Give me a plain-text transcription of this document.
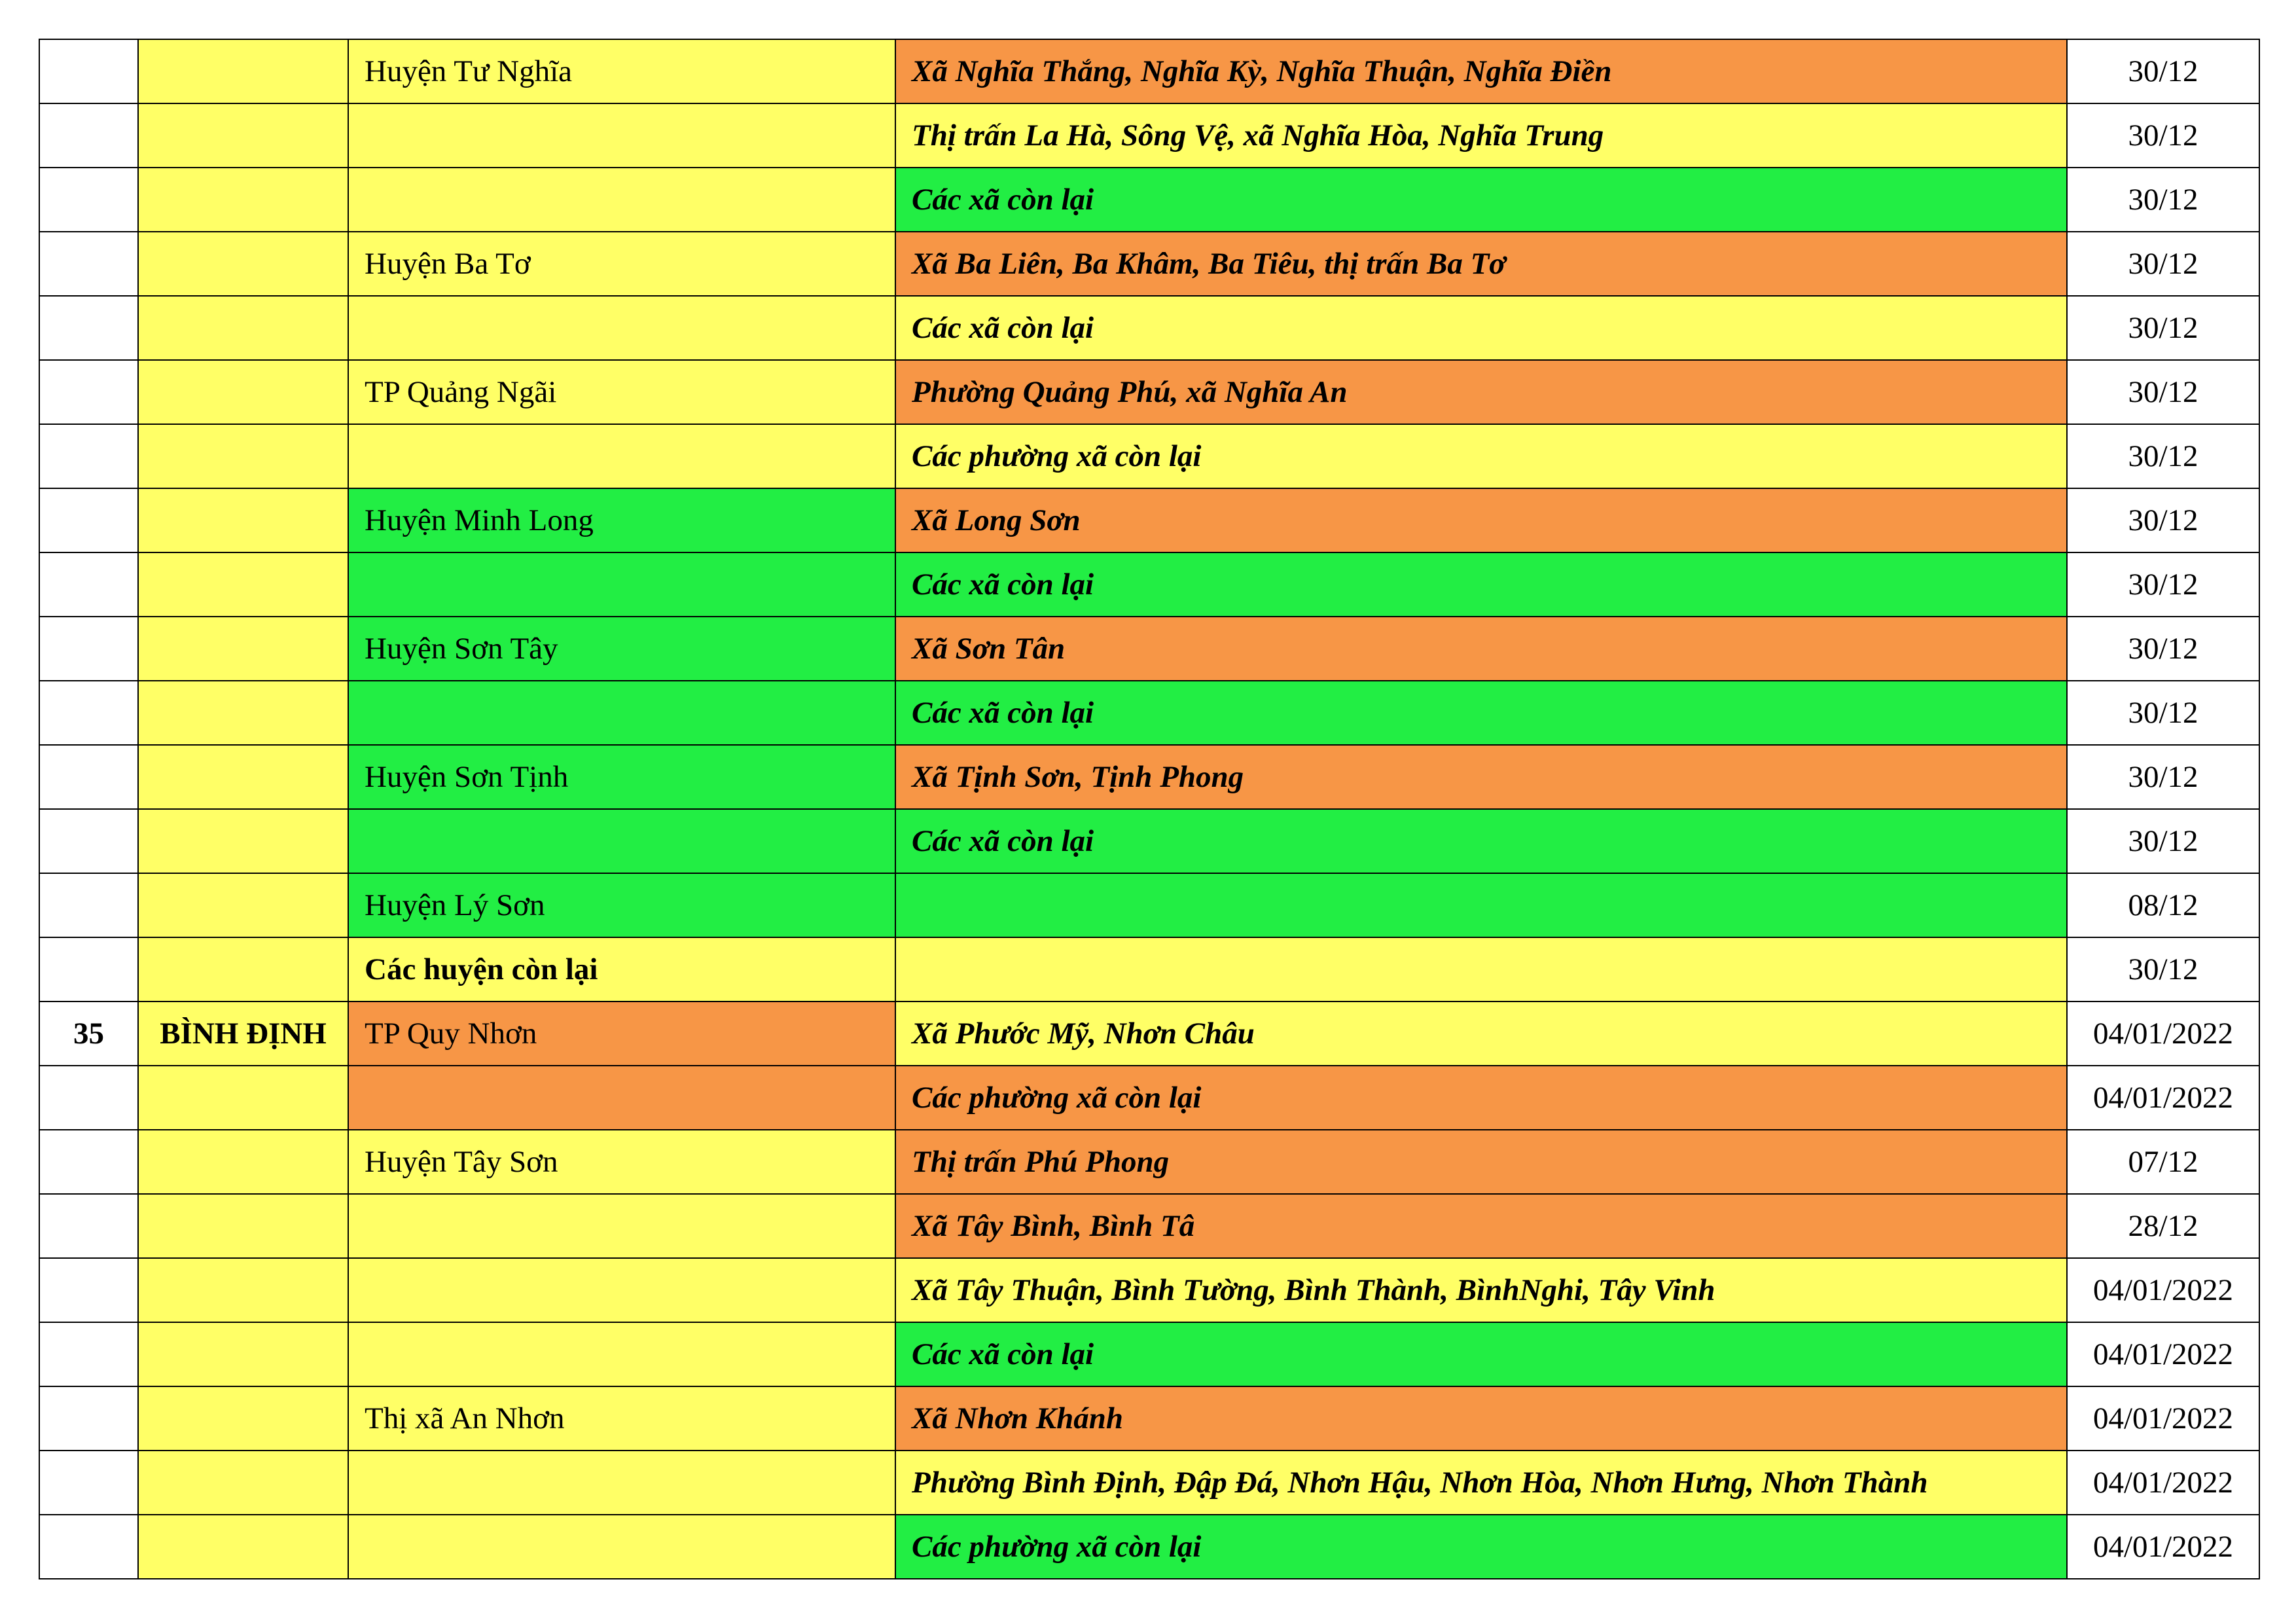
		Huyện Tư Nghĩa	Xã Nghĩa Thắng, Nghĩa Kỳ, Nghĩa Thuận, Nghĩa Điền	30/12
			Thị trấn La Hà, Sông Vệ, xã Nghĩa Hòa, Nghĩa Trung	30/12
			Các xã còn lại	30/12
		Huyện Ba Tơ	Xã Ba Liên, Ba Khâm, Ba Tiêu, thị trấn Ba Tơ	30/12
			Các xã còn lại	30/12
		TP Quảng Ngãi	Phường Quảng Phú, xã Nghĩa An	30/12
			Các phường xã còn lại	30/12
		Huyện Minh Long	Xã Long Sơn	30/12
			Các xã còn lại	30/12
		Huyện Sơn Tây	Xã Sơn Tân	30/12
			Các xã còn lại	30/12
		Huyện Sơn Tịnh	Xã Tịnh Sơn, Tịnh Phong	30/12
			Các xã còn lại	30/12
		Huyện Lý Sơn		08/12
		Các huyện còn lại		30/12
35	BÌNH ĐỊNH	TP Quy Nhơn	Xã Phước Mỹ, Nhơn Châu	04/01/2022
			Các phường xã còn lại	04/01/2022
		Huyện Tây Sơn	Thị trấn Phú Phong	07/12
			Xã Tây Bình, Bình Tâ	28/12
			Xã Tây Thuận, Bình Tường, Bình Thành, BìnhNghi, Tây Vinh	04/01/2022
			Các xã còn lại	04/01/2022
		Thị xã An Nhơn	Xã Nhơn Khánh	04/01/2022
			Phường Bình Định, Đập Đá, Nhơn Hậu, Nhơn Hòa, Nhơn Hưng, Nhơn Thành	04/01/2022
			Các phường xã còn lại	04/01/2022
